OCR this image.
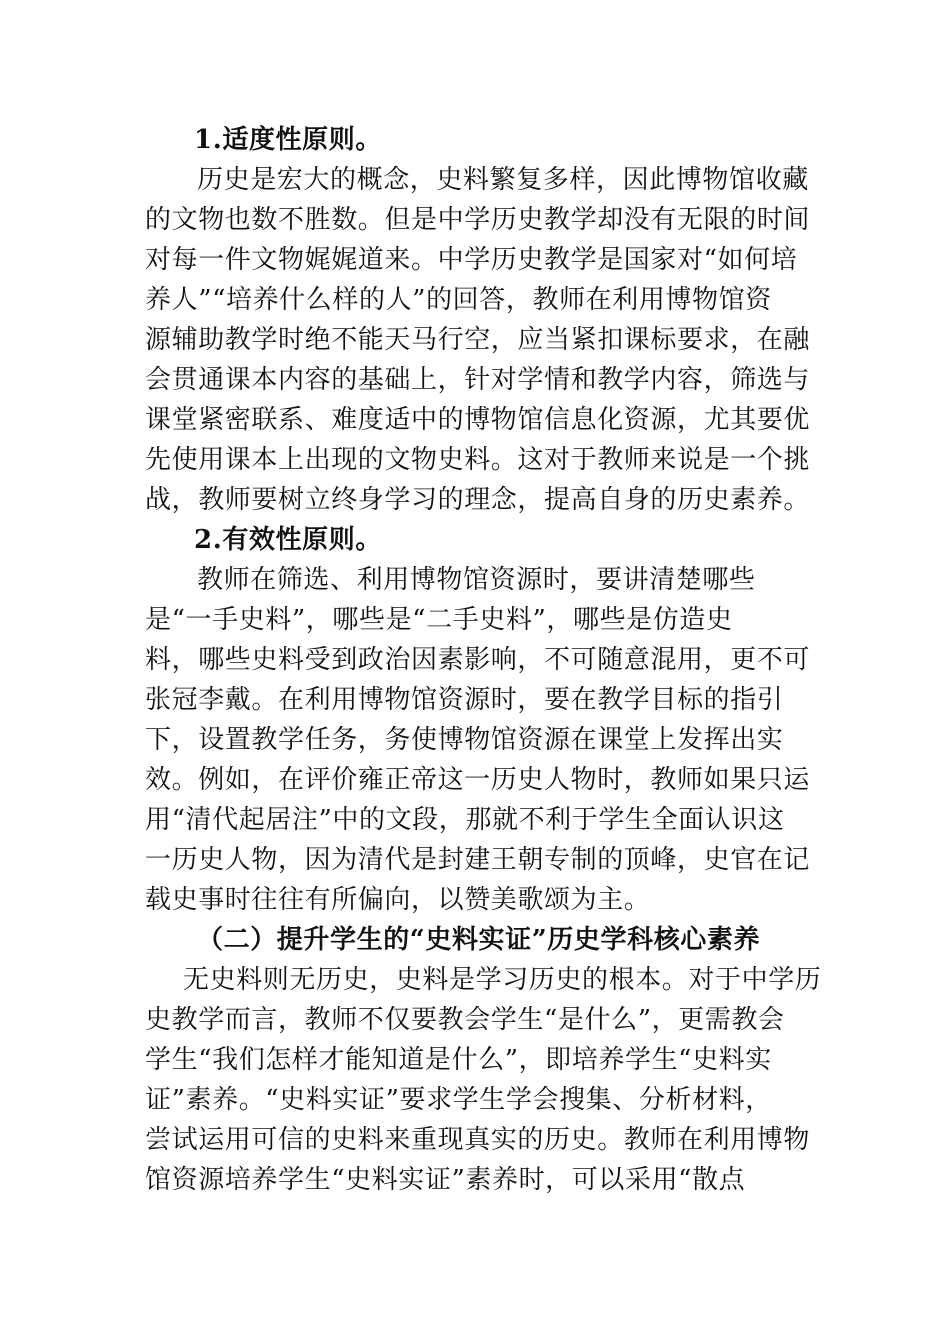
1.适度性原则。
历史是宏大的概念，史料繁复多样，因此博物馆收藏
的文物也数不胜数。但是中学历史教学却没有无限的时间
对每一件文物娓娓道来。中学历史教学是国家对“如何培
养人”“培养什么样的人”的回答，教师在利用博物馆资
源辅助教学时绝不能天马行空，应当紧扣课标要求，在融
会贯通课本内容的基础上，针对学情和教学内容，筛选与
课堂紧密联系、难度适中的博物馆信息化资源，尤其要优
先使用课本上出现的文物史料。这对于教师来说是一个挑
战，教师要树立终身学习的理念，提高自身的历史素养。
2.有效性原则。
教师在筛选、利用博物馆资源时，要讲清楚哪些
是“一手史料”，哪些是“二手史料”，哪些是仿造史
料，哪些史料受到政治因素影响，不可随意混用，更不可
张冠李戴。在利用博物馆资源时，要在教学目标的指引
下，设置教学任务，务使博物馆资源在课堂上发挥出实
效。例如，在评价雍正帝这一历史人物时，教师如果只运
用“清代起居注”中的文段，那就不利于学生全面认识这
一历史人物，因为清代是封建王朝专制的顶峰，史官在记
载史事时往往有所偏向，以赞美歌颂为主。
（二）提升学生的“史料实证”历史学科核心素养
无史料则无历史，史料是学习历史的根本。对于中学历
史教学而言，教师不仅要教会学生“是什么”，更需教会
学生“我们怎样才能知道是什么”，即培养学生“史料实
证”素养。“史料实证”要求学生学会搜集、分析材料，
尝试运用可信的史料来重现真实的历史。教师在利用博物
馆资源培养学生“史料实证”素养时，可以采用“散点
